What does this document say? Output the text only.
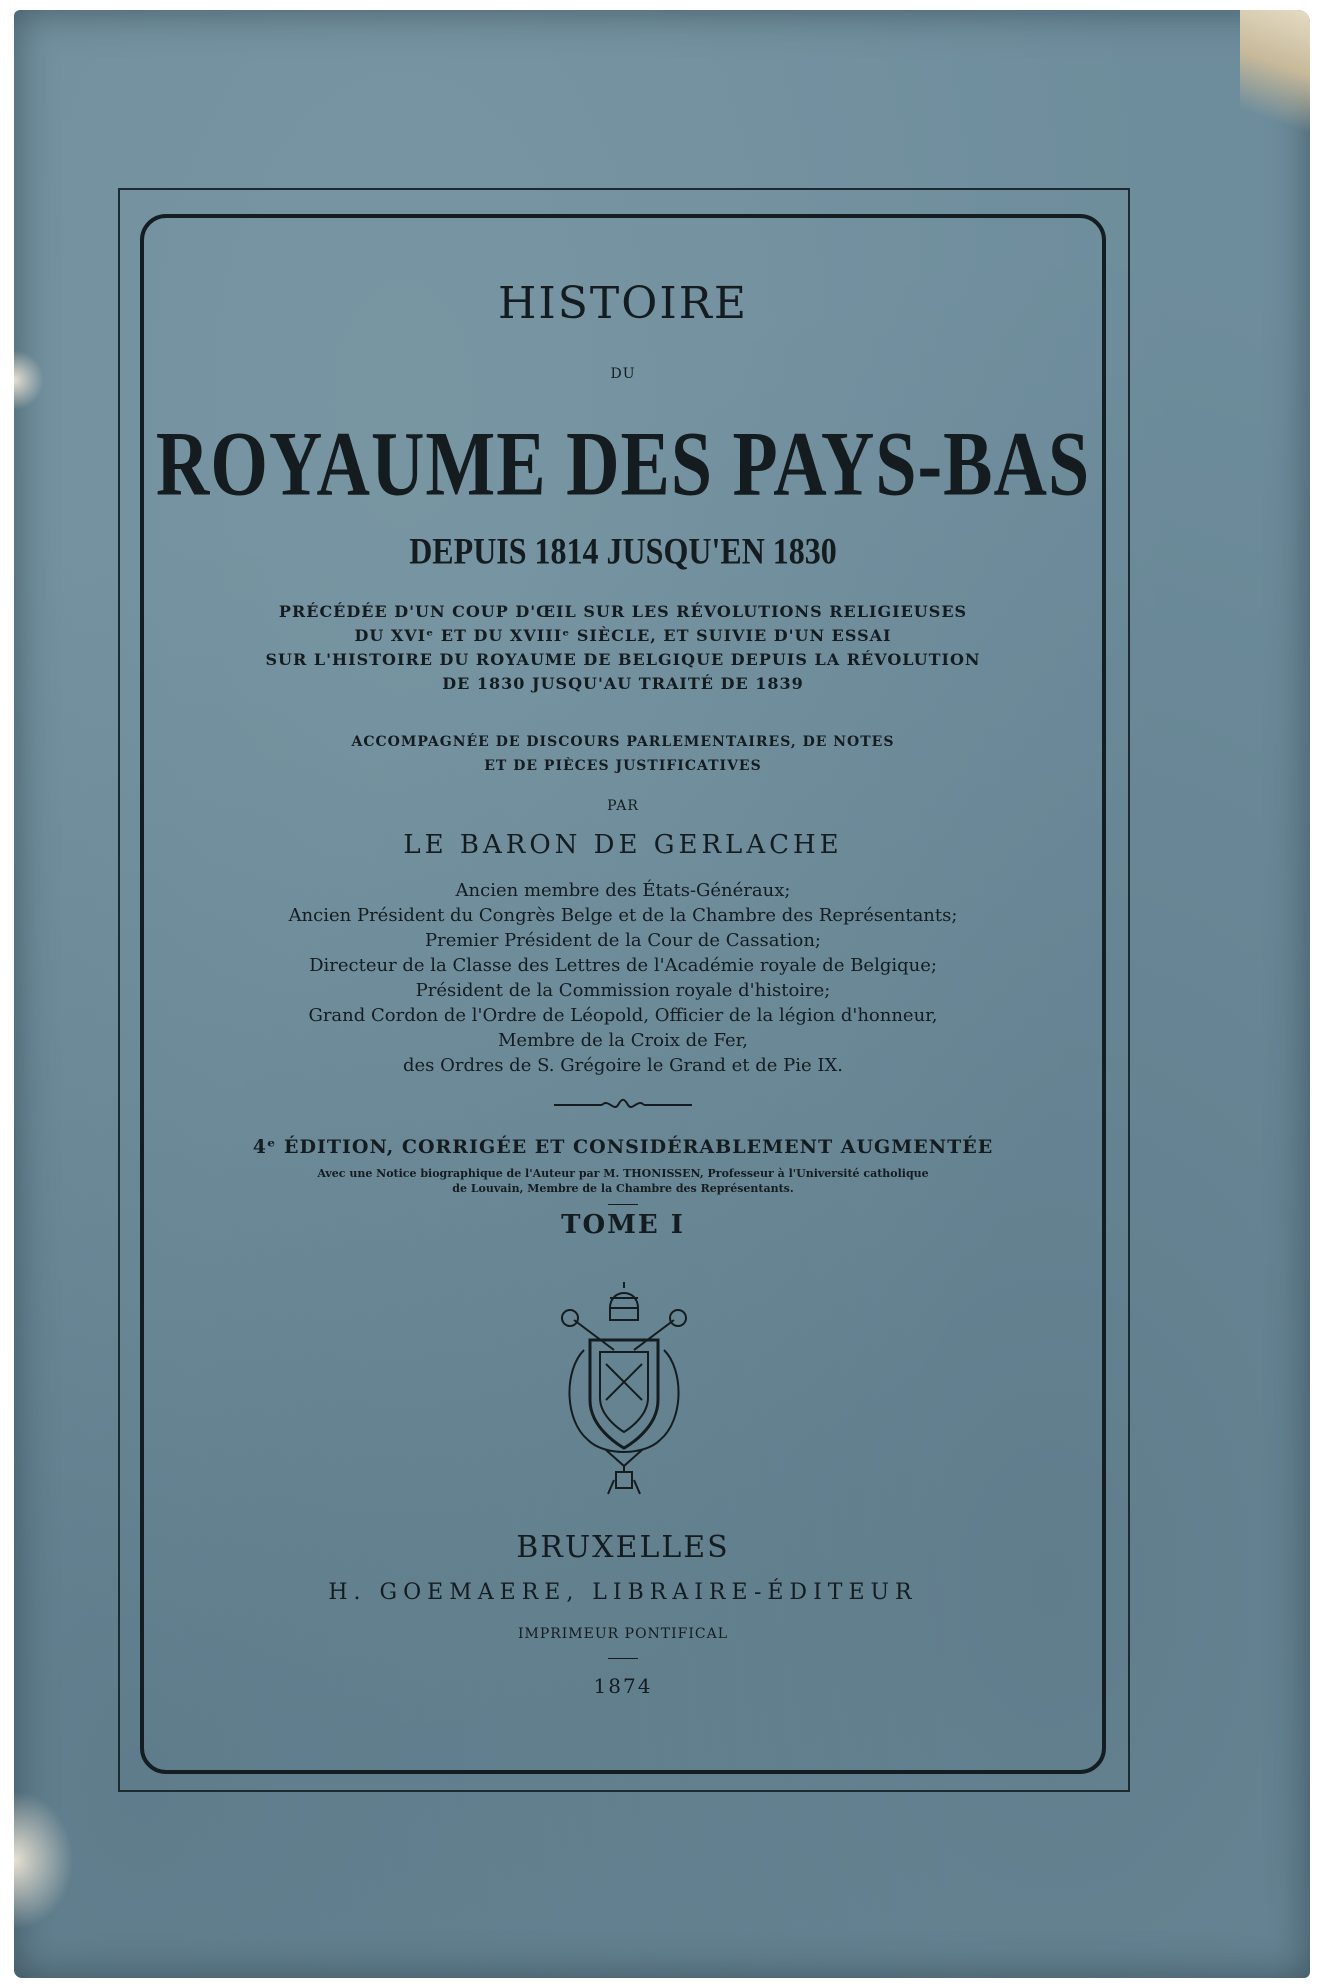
HISTOIRE
DU
ROYAUME DES PAYS-BAS
DEPUIS 1814 JUSQU'EN 1830
PRÉCÉDÉE D'UN COUP D'ŒIL SUR LES RÉVOLUTIONS RELIGIEUSES
DU XVIᵉ ET DU XVIIIᵉ SIÈCLE, ET SUIVIE D'UN ESSAI
SUR L'HISTOIRE DU ROYAUME DE BELGIQUE DEPUIS LA RÉVOLUTION
DE 1830 JUSQU'AU TRAITÉ DE 1839
ACCOMPAGNÉE DE DISCOURS PARLEMENTAIRES, DE NOTES
ET DE PIÈCES JUSTIFICATIVES
PAR
LE BARON DE GERLACHE
Ancien membre des États-Généraux;
Ancien Président du Congrès Belge et de la Chambre des Représentants;
Premier Président de la Cour de Cassation;
Directeur de la Classe des Lettres de l'Académie royale de Belgique;
Président de la Commission royale d'histoire;
Grand Cordon de l'Ordre de Léopold, Officier de la légion d'honneur,
Membre de la Croix de Fer,
des Ordres de S. Grégoire le Grand et de Pie IX.
4ᵉ ÉDITION, CORRIGÉE ET CONSIDÉRABLEMENT AUGMENTÉE
Avec une Notice biographique de l'Auteur par M. THONISSEN, Professeur à l'Université catholique
de Louvain, Membre de la Chambre des Représentants.
TOME I
BRUXELLES
H. GOEMAERE, LIBRAIRE-ÉDITEUR
IMPRIMEUR PONTIFICAL
1874
